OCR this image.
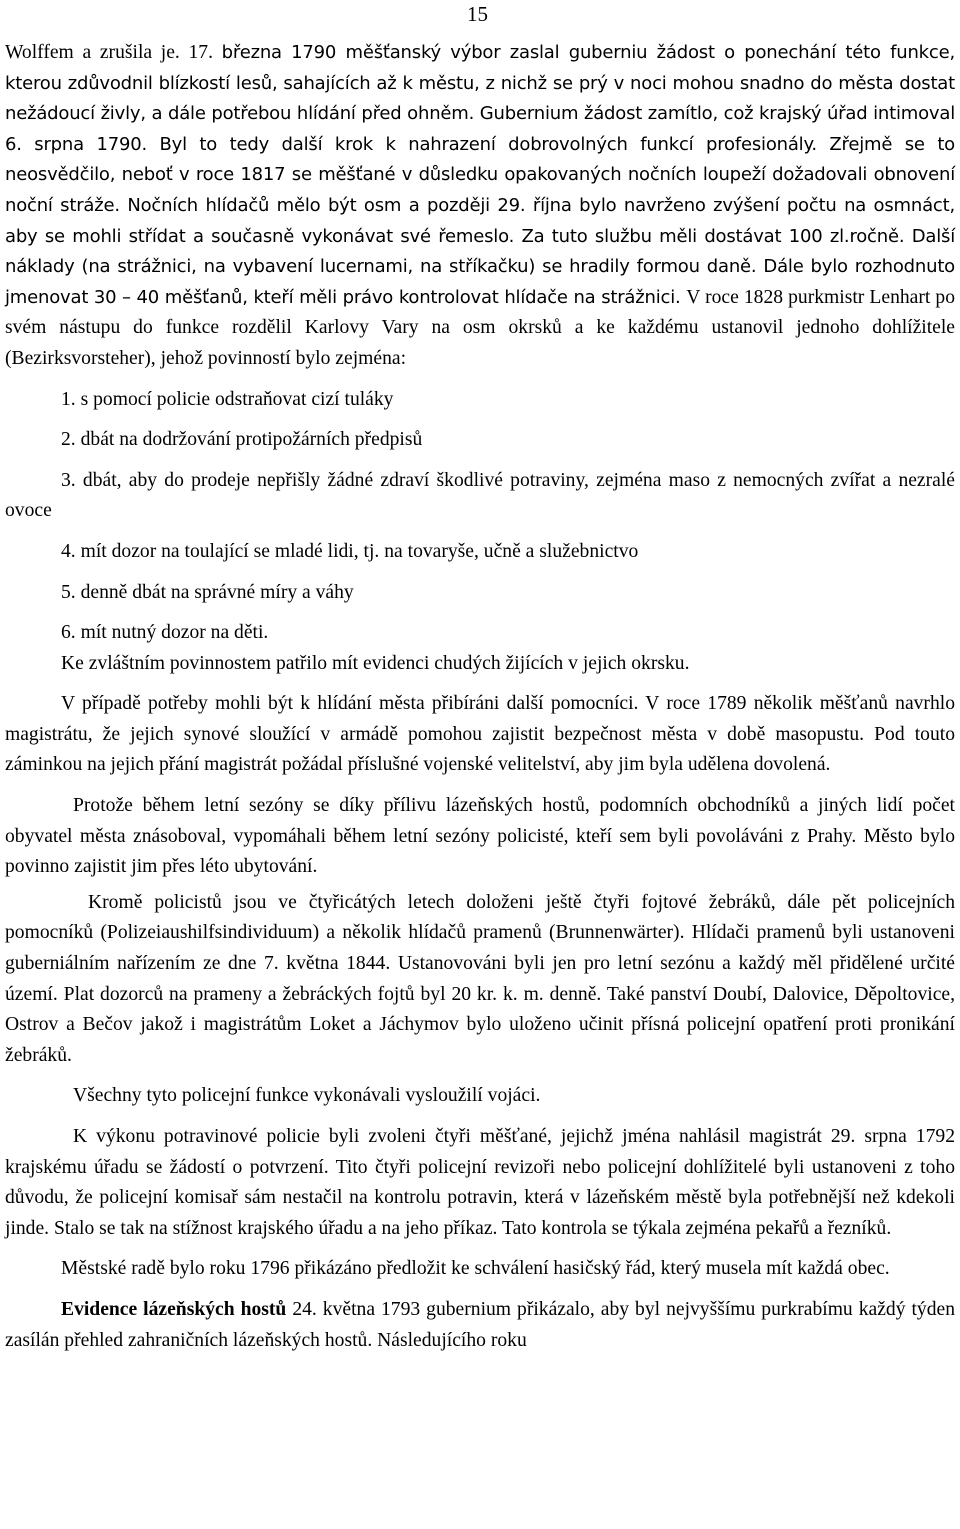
15

Wolffem a zrušila je. 17. března 1790 měšťanský výbor zaslal guberniu žádost o ponechání této funkce, kterou zdůvodnil blízkostí lesů, sahajících až k městu, z nichž se prý v noci mohou snadno do města dostat nežádoucí živly, a dále potřebou hlídání před ohněm. Gubernium žádost zamítlo, což krajský úřad intimoval 6. srpna 1790. Byl to tedy další krok k nahrazení dobrovolných funkcí profesionály. Zřejmě se to neosvědčilo, neboť v roce 1817 se měšťané v důsledku opakovaných nočních loupeží dožadovali obnovení noční stráže. Nočních hlídačů mělo být osm a později 29. října bylo navrženo zvýšení počtu na osmnáct, aby se mohli střídat a současně vykonávat své řemeslo. Za tuto službu měli dostávat 100 zl.ročně. Další náklady (na strážnici, na vybavení lucernami, na stříkačku) se hradily formou daně. Dále bylo rozhodnuto jmenovat 30 – 40 měšťanů, kteří měli právo kontrolovat hlídače na strážnici. V roce 1828 purkmistr Lenhart po svém nástupu do funkce rozdělil Karlovy Vary na osm okrsků a ke každému ustanovil jednoho dohlížitele (Bezirksvorsteher), jehož povinností bylo zejména:

1. s pomocí policie odstraňovat cizí tuláky

2. dbát na dodržování protipožárních předpisů

3. dbát, aby do prodeje nepřišly žádné zdraví škodlivé potraviny, zejména maso z nemocných zvířat a nezralé ovoce

4. mít dozor na toulající se mladé lidi, tj. na tovaryše, učně a služebnictvo

5. denně dbát na správné míry a váhy

6. mít nutný dozor na děti.

Ke zvláštním povinnostem patřilo mít evidenci chudých žijících v jejich okrsku.

V případě potřeby mohli být k hlídání města přibíráni další pomocníci. V roce 1789 několik měšťanů navrhlo magistrátu, že jejich synové sloužící v armádě pomohou zajistit bezpečnost města v době masopustu. Pod touto záminkou na jejich přání magistrát požádal příslušné vojenské velitelství, aby jim byla udělena dovolená.

Protože během letní sezóny se díky přílivu lázeňských hostů, podomních obchodníků a jiných lidí počet obyvatel města znásoboval, vypomáhali během letní sezóny policisté, kteří sem byli povoláváni z Prahy. Město bylo povinno zajistit jim přes léto ubytování.

Kromě policistů jsou ve čtyřicátých letech doloženi ještě čtyři fojtové žebráků, dále pět policejních pomocníků (Polizeiaushilfsindividuum) a několik hlídačů pramenů (Brunnenwärter). Hlídači pramenů byli ustanoveni guberniálním nařízením ze dne 7. května 1844. Ustanovováni byli jen pro letní sezónu a každý měl přidělené určité území. Plat dozorců na prameny a žebráckých fojtů byl 20 kr. k. m. denně. Také panství Doubí, Dalovice, Děpoltovice, Ostrov a Bečov jakož i magistrátům Loket a Jáchymov bylo uloženo učinit přísná policejní opatření proti pronikání žebráků.

Všechny tyto policejní funkce vykonávali vysloužilí vojáci.

K výkonu potravinové policie byli zvoleni čtyři měšťané, jejichž jména nahlásil magistrát 29. srpna 1792 krajskému úřadu se žádostí o potvrzení. Tito čtyři policejní revizoři nebo policejní dohlížitelé byli ustanoveni z toho důvodu, že policejní komisař sám nestačil na kontrolu potravin, která v lázeňském městě byla potřebnější než kdekoli jinde. Stalo se tak na stížnost krajského úřadu a na jeho příkaz. Tato kontrola se týkala zejména pekařů a řezníků.

Městské radě bylo roku 1796 přikázáno předložit ke schválení hasičský řád, který musela mít každá obec.

Evidence lázeňských hostů 24. května 1793 gubernium přikázalo, aby byl nejvyššímu purkrabímu každý týden zasílán přehled zahraničních lázeňských hostů. Následujícího roku
